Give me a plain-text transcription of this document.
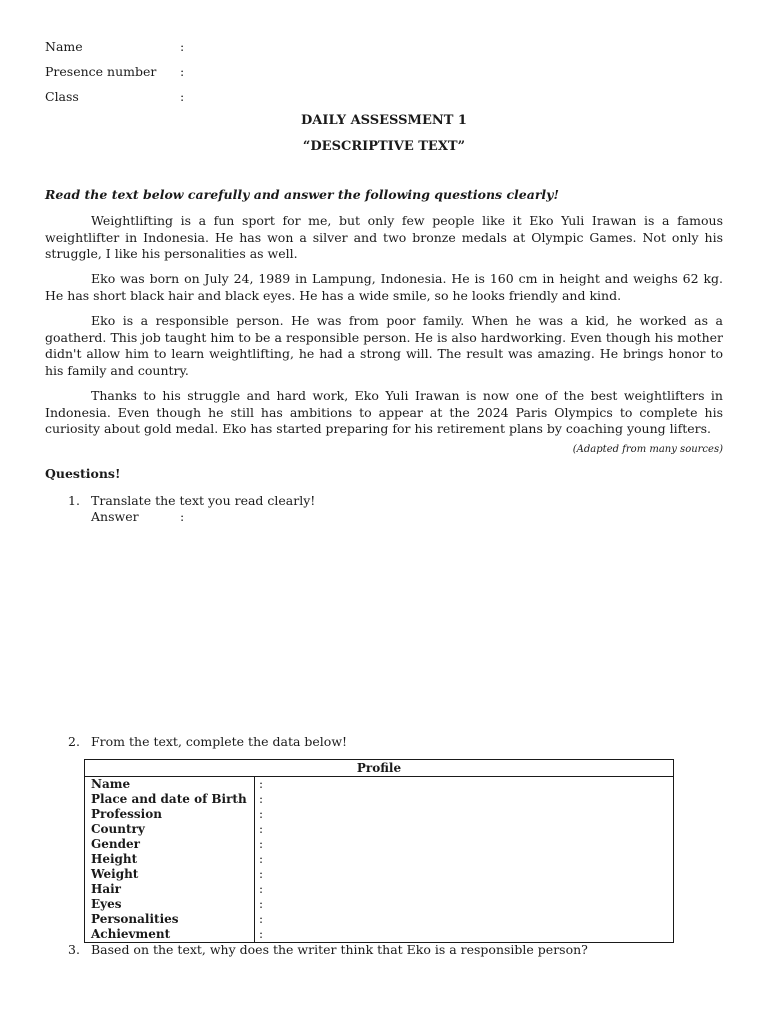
Name	:
Presence number	:
Class	:
DAILY ASSESSMENT 1
“DESCRIPTIVE TEXT”
Read the text below carefully and answer the following questions clearly!

Weightlifting is a fun sport for me, but only few people like it Eko Yuli Irawan is a famous weightlifter in Indonesia. He has won a silver and two bronze medals at Olympic Games. Not only his struggle, I like his personalities as well.

Eko was born on July 24, 1989 in Lampung, Indonesia. He is 160 cm in height and weighs 62 kg. He has short black hair and black eyes. He has a wide smile, so he looks friendly and kind.

Eko is a responsible person. He was from poor family. When he was a kid, he worked as a goatherd. This job taught him to be a responsible person. He is also hardworking. Even though his mother didn't allow him to learn weightlifting, he had a strong will. The result was amazing. He brings honor to his family and country.

Thanks to his struggle and hard work, Eko Yuli Irawan is now one of the best weightlifters in Indonesia. Even though he still has ambitions to appear at the 2024 Paris Olympics to complete his curiosity about gold medal. Eko has started preparing for his retirement plans by coaching young lifters.

(Adapted from many sources)
Questions!
1. Translate the text you read clearly!
Answer	:
2. From the text, complete the data below!
Profile	
Name	:
Place and date of Birth	:
Profession	:
Country	:
Gender	:
Height	:
Weight	:
Hair	:
Eyes	:
Personalities	:
Achievment	:
3. Based on the text, why does the writer think that Eko is a responsible person?
